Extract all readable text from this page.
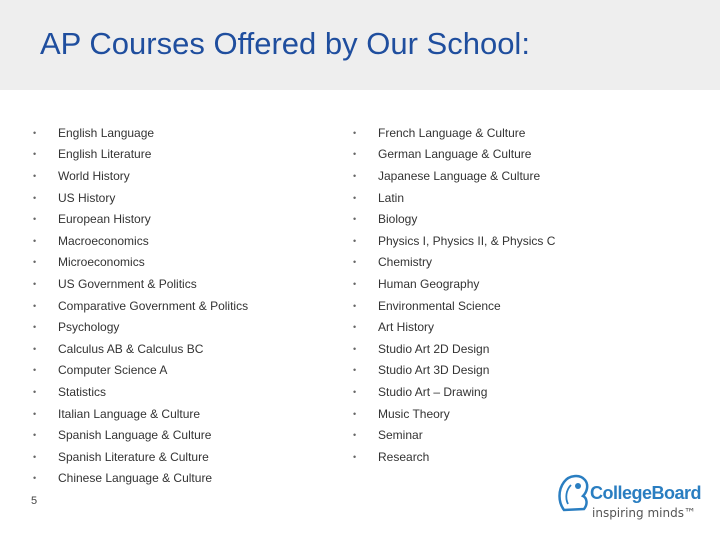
AP Courses Offered by Our School:
•	English Language
•	English Literature
•	World History
•	US History
•	European History
•	Macroeconomics
•	Microeconomics
•	US Government & Politics
•	Comparative Government & Politics
•	Psychology
•	Calculus AB & Calculus BC
•	Computer Science A
•	Statistics
•	Italian Language & Culture
•	Spanish Language & Culture
•	Spanish Literature & Culture
•	Chinese Language & Culture
•	French Language & Culture
•	German Language & Culture
•	Japanese Language & Culture
•	Latin
•	Biology
•	Physics I, Physics II, & Physics C
•	Chemistry
•	Human Geography
•	Environmental Science
•	Art History
•	Studio Art 2D Design
•	Studio Art 3D Design
•	Studio Art – Drawing
•	Music Theory
•	Seminar
•	Research
5	CollegeBoard
inspiring minds™
